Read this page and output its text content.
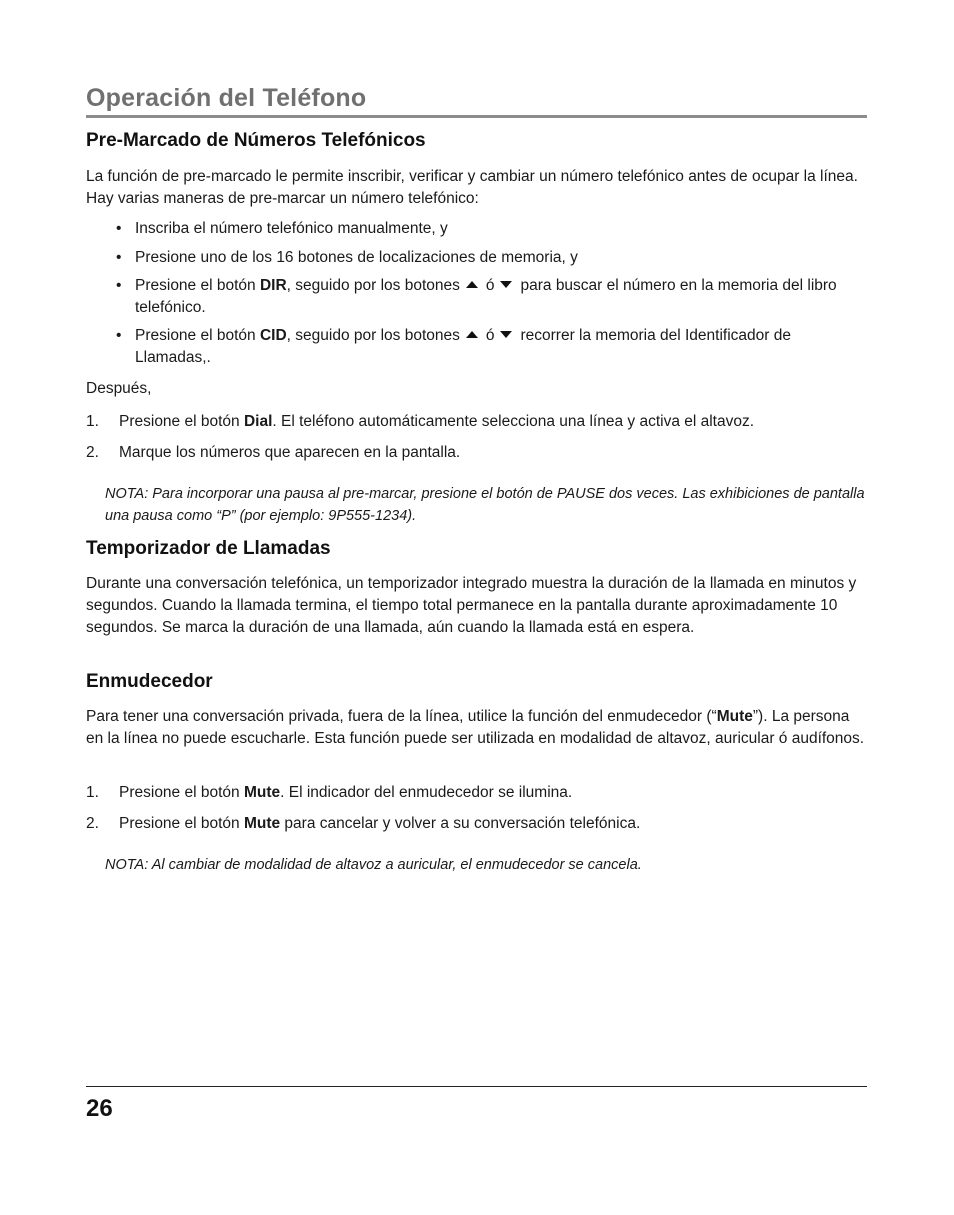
Operación del Teléfono
Pre-Marcado de Números Telefónicos
La función de pre-marcado le permite inscribir, verificar y cambiar un número telefónico antes de ocupar la línea. Hay varias maneras de pre-marcar un número telefónico:
• Inscriba el número telefónico manualmente, y
• Presione uno de los 16 botones de localizaciones de memoria, y
• Presione el botón DIR, seguido por los botones ó para buscar el número en la memoria del libro telefónico.
• Presione el botón CID, seguido por los botones ó recorrer la memoria del Identificador de Llamadas,.
Después,
1. Presione el botón Dial. El teléfono automáticamente selecciona una línea y activa el altavoz.
2. Marque los números que aparecen en la pantalla.
NOTA: Para incorporar una pausa al pre-marcar, presione el botón de PAUSE dos veces. Las exhibiciones de pantalla una pausa como “P” (por ejemplo: 9P555-1234).
Temporizador de Llamadas
Durante una conversación telefónica, un temporizador integrado muestra la duración de la llamada en minutos y segundos. Cuando la llamada termina, el tiempo total permanece en la pantalla durante aproximadamente 10 segundos. Se marca la duración de una llamada, aún cuando la llamada está en espera.
Enmudecedor
Para tener una conversación privada, fuera de la línea, utilice la función del enmudecedor (“Mute”). La persona en la línea no puede escucharle. Esta función puede ser utilizada en modalidad de altavoz, auricular ó audífonos.
1. Presione el botón Mute. El indicador del enmudecedor se ilumina.
2. Presione el botón Mute para cancelar y volver a su conversación telefónica.
NOTA: Al cambiar de modalidad de altavoz a auricular, el enmudecedor se cancela.
26
